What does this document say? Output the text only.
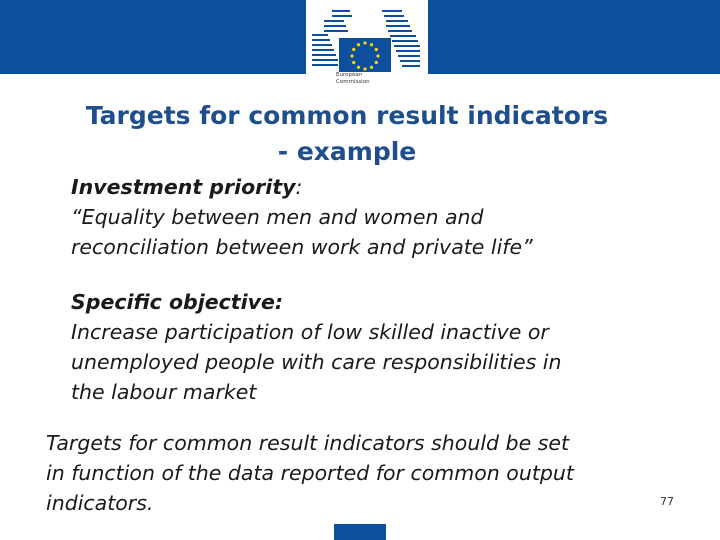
European
Commission
Targets for common result indicators
- example
Investment priority:
“Equality between men and women and
reconciliation between work and private life”
Specific objective:
Increase participation of low skilled inactive or
unemployed people with care responsibilities in
the labour market
Targets for common result indicators should be set
in function of the data reported for common output
indicators.	77
